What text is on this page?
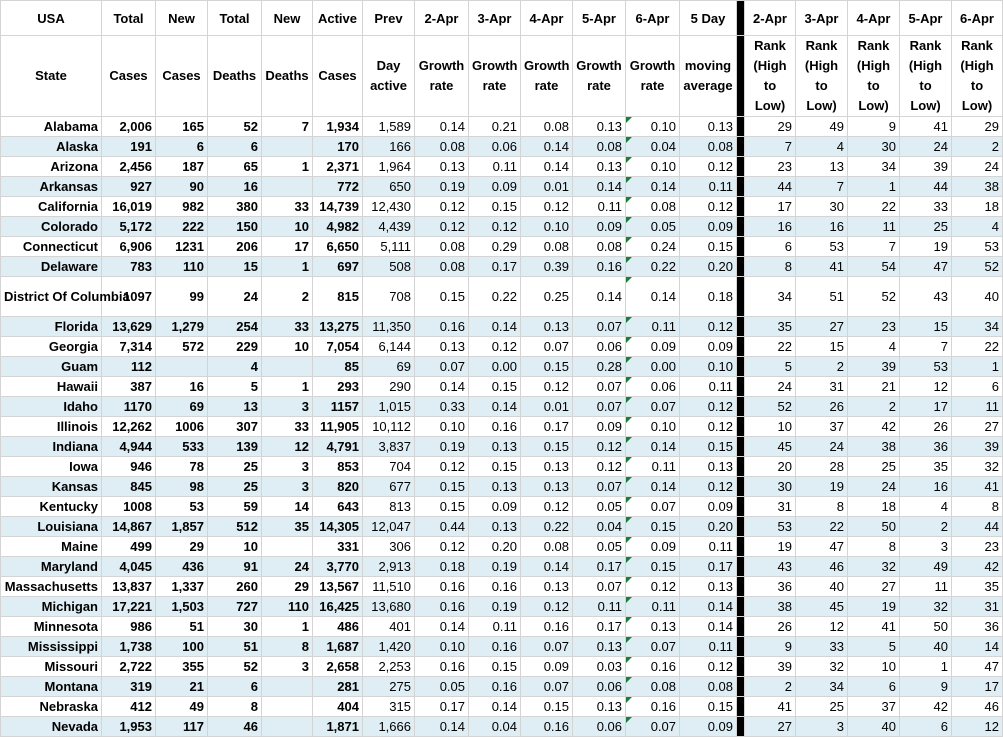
USA	Total	New	Total	New	Active	Prev	2-Apr	3-Apr	4-Apr	5-Apr	6-Apr	5 Day		2-Apr	3-Apr	4-Apr	5-Apr	6-Apr
State	Cases	Cases	Deaths	Deaths	Cases	Day active	Growth rate	Growth rate	Growth rate	Growth rate	Growth rate	moving average		Rank (High to Low)	Rank (High to Low)	Rank (High to Low)	Rank (High to Low)	Rank (High to Low)
Alabama	2,006	165	52	7	1,934	1,589	0.14	0.21	0.08	0.13	0.10	0.13		29	49	9	41	29
Alaska	191	6	6		170	166	0.08	0.06	0.14	0.08	0.04	0.08		7	4	30	24	2
Arizona	2,456	187	65	1	2,371	1,964	0.13	0.11	0.14	0.13	0.10	0.12		23	13	34	39	24
Arkansas	927	90	16		772	650	0.19	0.09	0.01	0.14	0.14	0.11		44	7	1	44	38
California	16,019	982	380	33	14,739	12,430	0.12	0.15	0.12	0.11	0.08	0.12		17	30	22	33	18
Colorado	5,172	222	150	10	4,982	4,439	0.12	0.12	0.10	0.09	0.05	0.09		16	16	11	25	4
Connecticut	6,906	1231	206	17	6,650	5,111	0.08	0.29	0.08	0.08	0.24	0.15		6	53	7	19	53
Delaware	783	110	15	1	697	508	0.08	0.17	0.39	0.16	0.22	0.20		8	41	54	47	52
District Of Columbia	1097	99	24	2	815	708	0.15	0.22	0.25	0.14	0.14	0.18		34	51	52	43	40
Florida	13,629	1,279	254	33	13,275	11,350	0.16	0.14	0.13	0.07	0.11	0.12		35	27	23	15	34
Georgia	7,314	572	229	10	7,054	6,144	0.13	0.12	0.07	0.06	0.09	0.09		22	15	4	7	22
Guam	112		4		85	69	0.07	0.00	0.15	0.28	0.00	0.10		5	2	39	53	1
Hawaii	387	16	5	1	293	290	0.14	0.15	0.12	0.07	0.06	0.11		24	31	21	12	6
Idaho	1170	69	13	3	1157	1,015	0.33	0.14	0.01	0.07	0.07	0.12		52	26	2	17	11
Illinois	12,262	1006	307	33	11,905	10,112	0.10	0.16	0.17	0.09	0.10	0.12		10	37	42	26	27
Indiana	4,944	533	139	12	4,791	3,837	0.19	0.13	0.15	0.12	0.14	0.15		45	24	38	36	39
Iowa	946	78	25	3	853	704	0.12	0.15	0.13	0.12	0.11	0.13		20	28	25	35	32
Kansas	845	98	25	3	820	677	0.15	0.13	0.13	0.07	0.14	0.12		30	19	24	16	41
Kentucky	1008	53	59	14	643	813	0.15	0.09	0.12	0.05	0.07	0.09		31	8	18	4	8
Louisiana	14,867	1,857	512	35	14,305	12,047	0.44	0.13	0.22	0.04	0.15	0.20		53	22	50	2	44
Maine	499	29	10		331	306	0.12	0.20	0.08	0.05	0.09	0.11		19	47	8	3	23
Maryland	4,045	436	91	24	3,770	2,913	0.18	0.19	0.14	0.17	0.15	0.17		43	46	32	49	42
Massachusetts	13,837	1,337	260	29	13,567	11,510	0.16	0.16	0.13	0.07	0.12	0.13		36	40	27	11	35
Michigan	17,221	1,503	727	110	16,425	13,680	0.16	0.19	0.12	0.11	0.11	0.14		38	45	19	32	31
Minnesota	986	51	30	1	486	401	0.14	0.11	0.16	0.17	0.13	0.14		26	12	41	50	36
Mississippi	1,738	100	51	8	1,687	1,420	0.10	0.16	0.07	0.13	0.07	0.11		9	33	5	40	14
Missouri	2,722	355	52	3	2,658	2,253	0.16	0.15	0.09	0.03	0.16	0.12		39	32	10	1	47
Montana	319	21	6		281	275	0.05	0.16	0.07	0.06	0.08	0.08		2	34	6	9	17
Nebraska	412	49	8		404	315	0.17	0.14	0.15	0.13	0.16	0.15		41	25	37	42	46
Nevada	1,953	117	46		1,871	1,666	0.14	0.04	0.16	0.06	0.07	0.09		27	3	40	6	12
